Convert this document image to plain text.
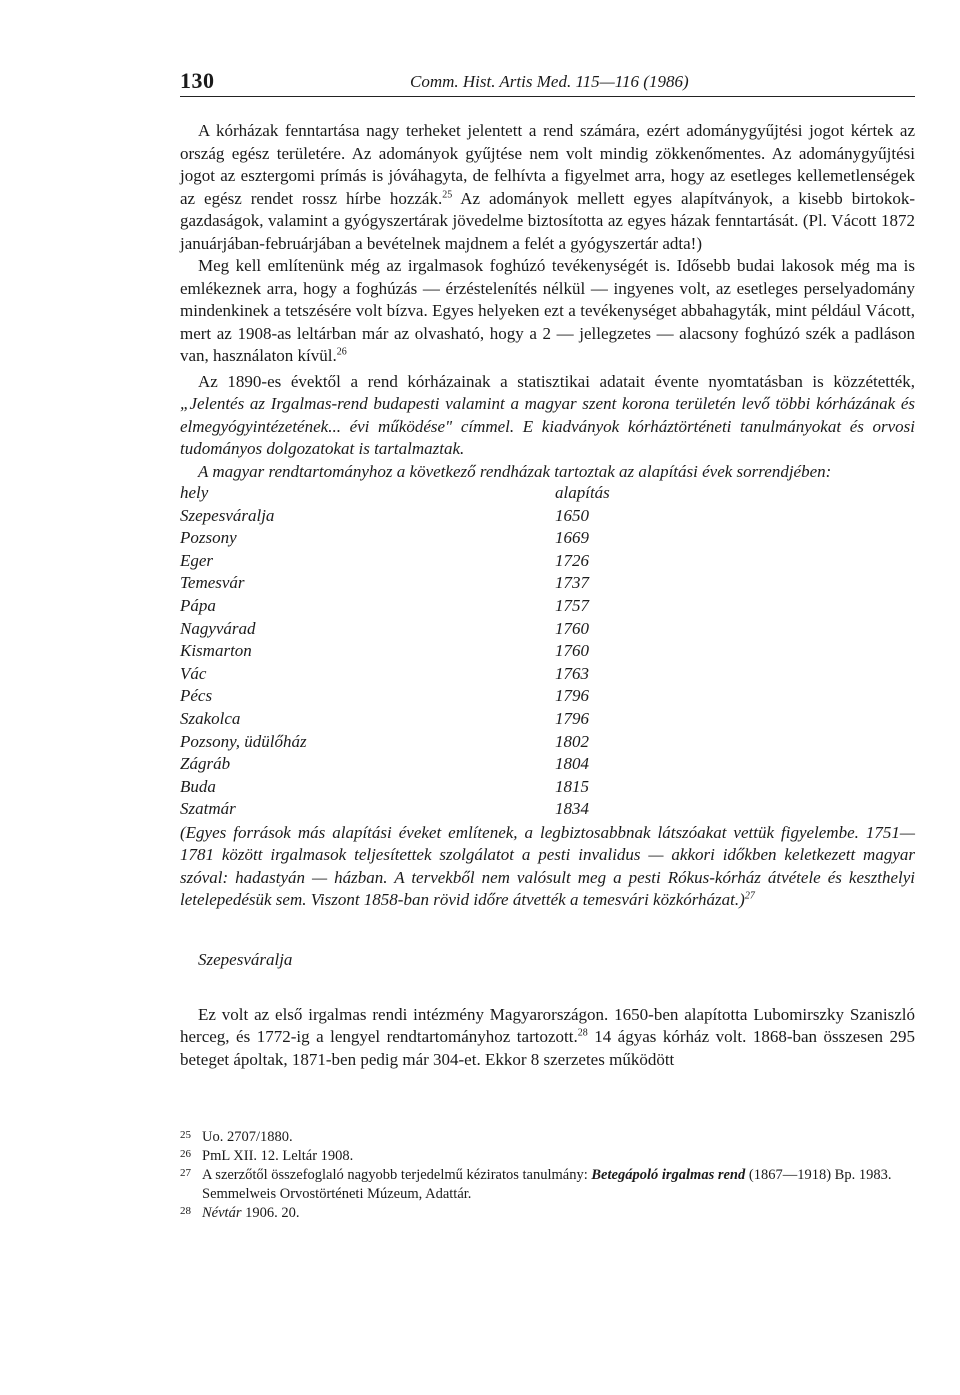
130	Comm. Hist. Artis Med. 115—116 (1986)

A kórházak fenntartása nagy terheket jelentett a rend számára, ezért adománygyűjtési jogot kértek az ország egész területére. Az adományok gyűjtése nem volt mindig zökkenőmentes. Az adománygyűjtési jogot az esztergomi prímás is jóváhagyta, de felhívta a figyelmet arra, hogy az esetleges kellemetlenségek az egész rendet rossz hírbe hozzák.$^{25}$ Az adományok mellett egyes alapítványok, a kisebb birtokok-gazdaságok, valamint a gyógyszertárak jövedelme biztosította az egyes házak fenntartását. (Pl. Vácott 1872 januárjában-februárjában a bevételnek majdnem a felét a gyógyszertár adta!)

Meg kell említenünk még az irgalmasok foghúzó tevékenységét is. Idősebb budai lakosok még ma is emlékeznek arra, hogy a foghúzás — érzéstelenítés nélkül — ingyenes volt, az esetleges perselyadomány mindenkinek a tetszésére volt bízva. Egyes helyeken ezt a tevékenységet abbahagyták, mint például Vácott, mert az 1908-as leltárban már az olvasható, hogy a 2 — jellegzetes — alacsony foghúzó szék a padláson van, használaton kívül.$^{26}$

Az 1890-es évektől a rend kórházainak a statisztikai adatait évente nyomtatásban is közzétették, „Jelentés az Irgalmas-rend budapesti valamint a magyar szent korona területén levő többi kórházának és elmegyógyintézetének... évi működése" címmel. E kiadványok kórháztörténeti tanulmányokat és orvosi tudományos dolgozatokat is tartalmaztak.

A magyar rendtartományhoz a következő rendházak tartoztak az alapítási évek sorrendjében:

hely	alapítás
Szepesváralja	1650
Pozsony	1669
Eger	1726
Temesvár	1737
Pápa	1757
Nagyvárad	1760
Kismarton	1760
Vác	1763
Pécs	1796
Szakolca	1796
Pozsony, üdülőház	1802
Zágráb	1804
Buda	1815
Szatmár	1834

(Egyes források más alapítási éveket említenek, a legbiztosabbnak látszóakat vettük figyelembe. 1751—1781 között irgalmasok teljesítettek szolgálatot a pesti invalidus — akkori időkben keletkezett magyar szóval: hadastyán — házban. A tervekből nem valósult meg a pesti Rókus-kórház átvétele és keszthelyi letelepedésük sem. Viszont 1858-ban rövid időre átvették a temesvári közkórházat.)$^{27}$

Szepesváralja

Ez volt az első irgalmas rendi intézmény Magyarországon. 1650-ben alapította Lubomirszky Szaniszló herceg, és 1772-ig a lengyel rendtartományhoz tartozott.$^{28}$ 14 ágyas kórház volt. 1868-ban összesen 295 beteget ápoltak, 1871-ben pedig már 304-et. Ekkor 8 szerzetes működött

25 Uo. 2707/1880.
26 PmL XII. 12. Leltár 1908.
27 A szerzőtől összefoglaló nagyobb terjedelmű kéziratos tanulmány: Betegápoló irgalmas rend (1867—1918) Bp. 1983. Semmelweis Orvostörténeti Múzeum, Adattár.
28 Névtár 1906. 20.
